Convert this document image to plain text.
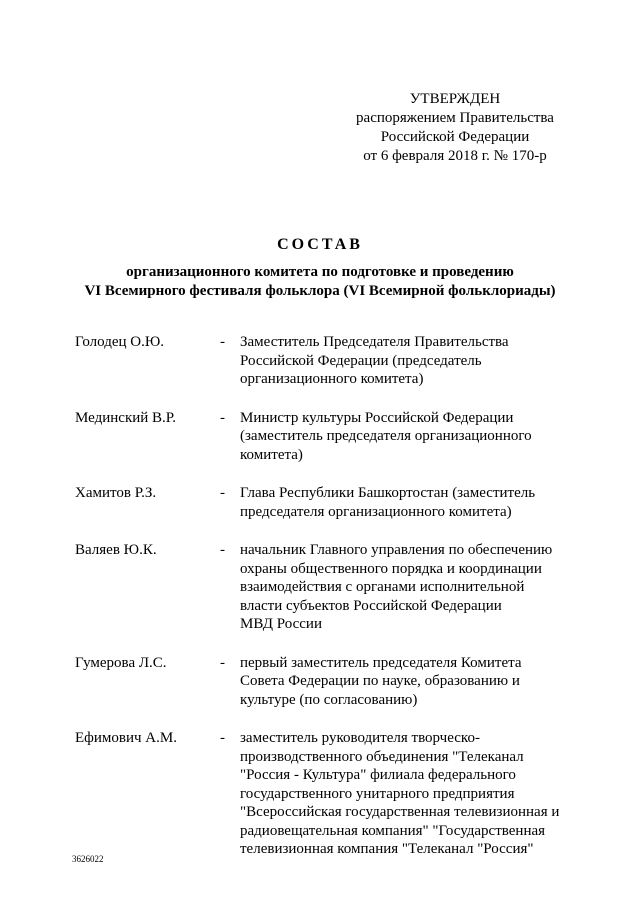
УТВЕРЖДЕН
распоряжением Правительства
Российской Федерации
от 6 февраля 2018 г. № 170-р
СОСТАВ
организационного комитета по подготовке и проведению
VI Всемирного фестиваля фольклора (VI Всемирной фольклориады)
Голодец О.Ю.	-	Заместитель Председателя Правительства
Российской Федерации (председатель
организационного комитета)
Мединский В.Р.	-	Министр культуры Российской Федерации
(заместитель председателя организационного
комитета)
Хамитов Р.З.	-	Глава Республики Башкортостан (заместитель
председателя организационного комитета)
Валяев Ю.К.	-	начальник Главного управления по обеспечению
охраны общественного порядка и координации
взаимодействия с органами исполнительной
власти субъектов Российской Федерации
МВД России
Гумерова Л.С.	-	первый заместитель председателя Комитета
Совета Федерации по науке, образованию и
культуре (по согласованию)
Ефимович А.М.	-	заместитель руководителя творческо-
производственного объединения "Телеканал
"Россия - Культура" филиала федерального
государственного унитарного предприятия
"Всероссийская государственная телевизионная и
радиовещательная компания" "Государственная
телевизионная компания "Телеканал "Россия"
3626022
